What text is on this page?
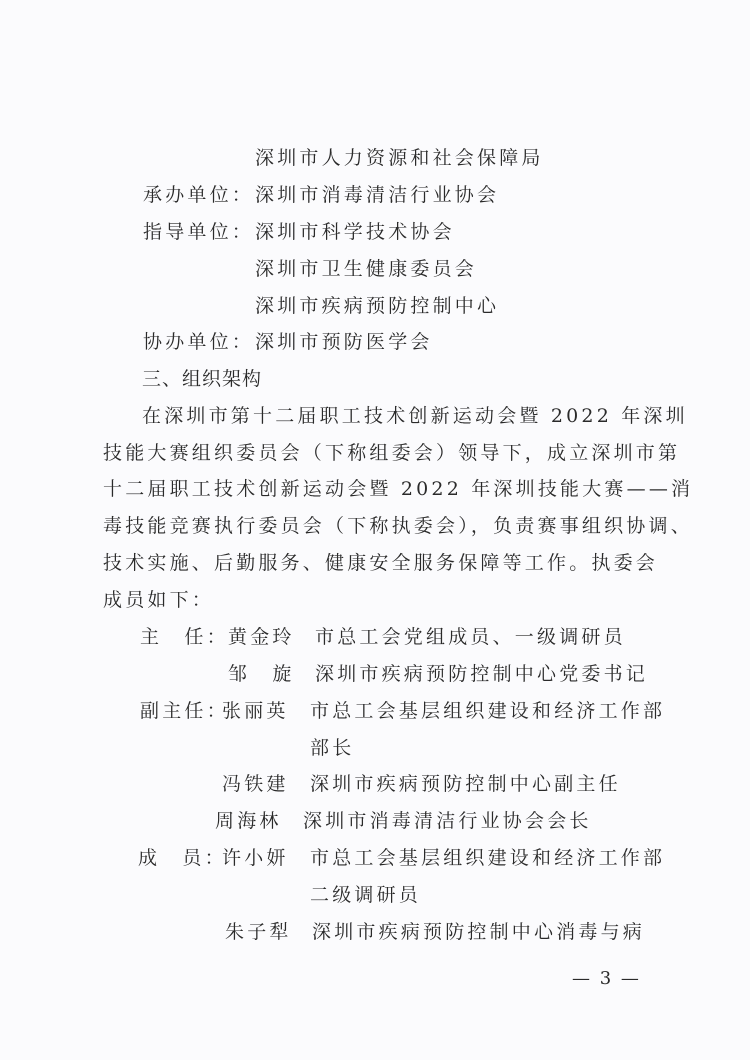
深圳市人力资源和社会保障局
承办单位： 深圳市消毒清洁行业协会
指导单位： 深圳市科学技术协会
深圳市卫生健康委员会
深圳市疾病预防控制中心
协办单位： 深圳市预防医学会
三、组织架构
在深圳市第十二届职工技术创新运动会暨 2022 年深圳
技能大赛组织委员会（下称组委会）领导下，成立深圳市第
十二届职工技术创新运动会暨 2022 年深圳技能大赛——消
毒技能竞赛执行委员会（下称执委会），负责赛事组织协调、
技术实施、后勤服务、健康安全服务保障等工作。执委会
成员如下：
主　任： 黄金玲 市总工会党组成员、一级调研员
邹　旋 深圳市疾病预防控制中心党委书记
副主任：
张丽英 市总工会基层组织建设和经济工作部
部长
冯铁建 深圳市疾病预防控制中心副主任
周海林 深圳市消毒清洁行业协会会长
成　员：
许小妍 市总工会基层组织建设和经济工作部
二级调研员
朱子犁 深圳市疾病预防控制中心消毒与病
— 3 —
